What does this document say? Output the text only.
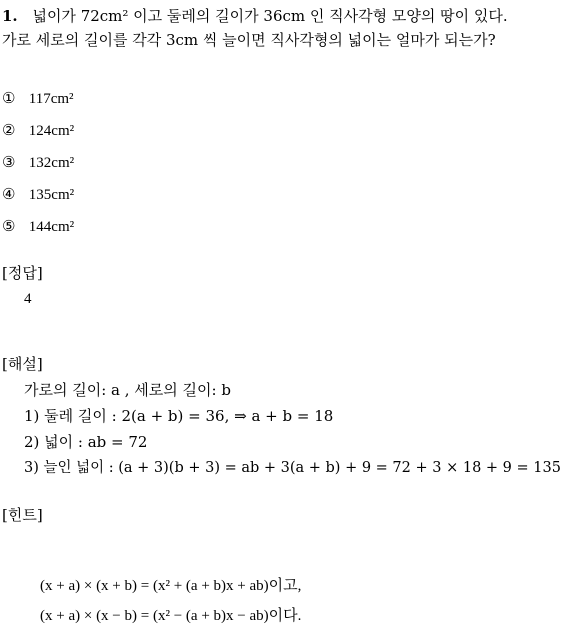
1. 넓이가 72cm² 이고 둘레의 길이가 36cm 인 직사각형 모양의 땅이 있다.
가로 세로의 길이를 각각 3cm 씩 늘이면 직사각형의 넓이는 얼마가 되는가?
① 117cm²
② 124cm²
③ 132cm²
④ 135cm²
⑤ 144cm²
[정답]
4
[해설]
가로의 길이: a , 세로의 길이: b
1) 둘레 길이 : 2(a + b) = 36, ⇒ a + b = 18
2) 넓이 : ab = 72
3) 늘인 넓이 : (a + 3)(b + 3) = ab + 3(a + b) + 9 = 72 + 3 × 18 + 9 = 135
[힌트]
(x + a) × (x + b) = (x² + (a + b)x + ab)이고,
(x + a) × (x − b) = (x² − (a + b)x − ab)이다.
